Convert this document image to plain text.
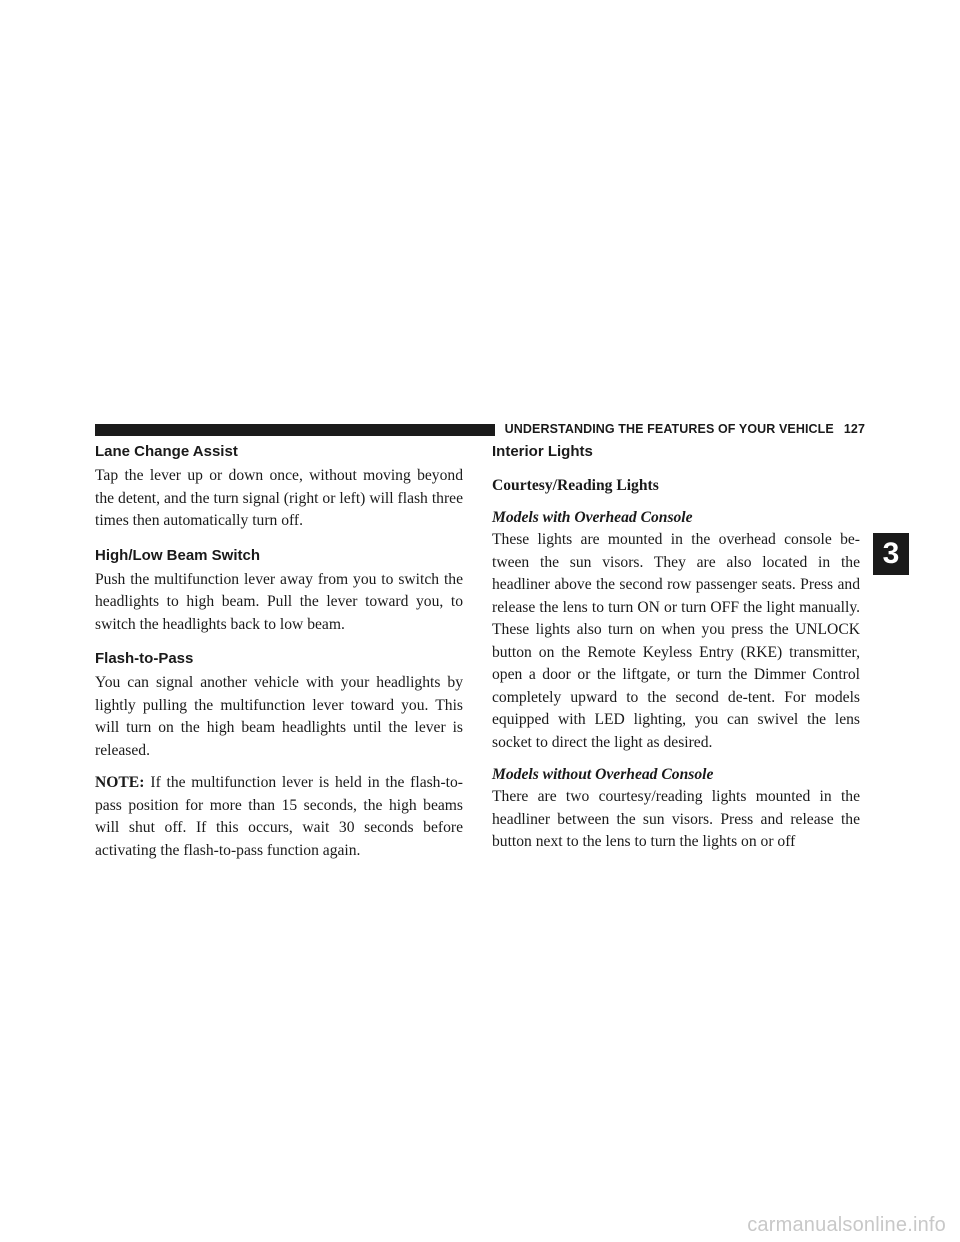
UNDERSTANDING THE FEATURES OF YOUR VEHICLE 127
Lane Change Assist

Tap the lever up or down once, without moving beyond the detent, and the turn signal (right or left) will flash three times then automatically turn off.

High/Low Beam Switch

Push the multifunction lever away from you to switch the headlights to high beam. Pull the lever toward you, to switch the headlights back to low beam.

Flash-to-Pass

You can signal another vehicle with your headlights by lightly pulling the multifunction lever toward you. This will turn on the high beam headlights until the lever is released.

NOTE: If the multifunction lever is held in the flash-to-pass position for more than 15 seconds, the high beams will shut off. If this occurs, wait 30 seconds before activating the flash-to-pass function again.

Interior Lights
Courtesy/Reading Lights
Models with Overhead Console

These lights are mounted in the overhead console be-tween the sun visors. They are also located in the headliner above the second row passenger seats. Press and release the lens to turn ON or turn OFF the light manually. These lights also turn on when you press the UNLOCK button on the Remote Keyless Entry (RKE) transmitter, open a door or the liftgate, or turn the Dimmer Control completely upward to the second de-tent. For models equipped with LED lighting, you can swivel the lens socket to direct the light as desired.

Models without Overhead Console

There are two courtesy/reading lights mounted in the headliner between the sun visors. Press and release the button next to the lens to turn the lights on or off

3
carmanualsonline.info
